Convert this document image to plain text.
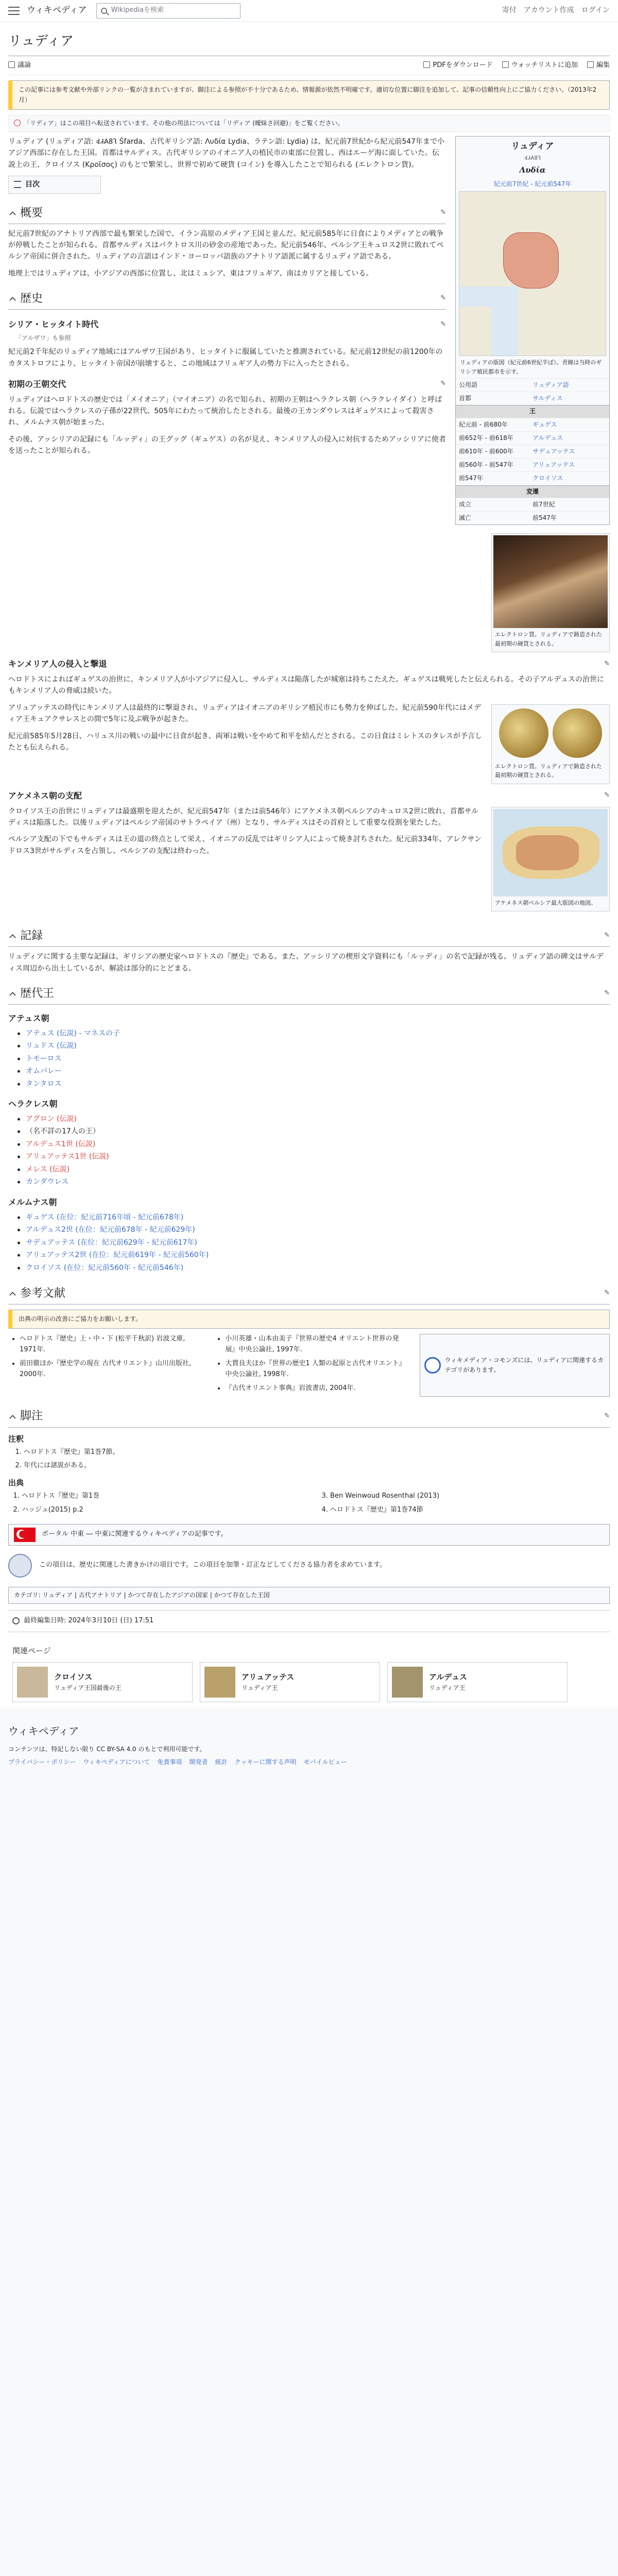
ウィキペディア	Wikipediaを検索	寄付 アカウント作成 ログイン
リュディア
議論	PDFをダウンロード	ウォッチリストに追加	編集
この記事には参考文献や外部リンクの一覧が含まれていますが、脚注による参照が不十分であるため、情報源が依然不明確です。適切な位置に脚注を追加して、記事の信頼性向上にご協力ください。（2013年2月）
「リディア」はこの項目へ転送されています。その他の用法については「リディア (曖昧さ回避)」をご覧ください。
リュディア
𐤮𐤱𐤠𐤣𐤤
Λυδία
紀元前7世紀 - 紀元前547年
リュディアの版図（紀元前6世紀半ば）。青線は当時のギリシア植民都市を示す。
公用語	リュディア語
首都	サルディス
王
紀元前 - 前680年	ギュゲス
前652年 - 前618年	アルデュス
前610年 - 前600年	サデュアッテス
前560年 - 前547年	アリュアッテス
前547年	クロイソス
変遷
成立	前7世紀
滅亡	前547年

リュディア (リュディア語: 𐤮𐤱𐤠𐤣𐤤 Śfarda、古代ギリシア語: Λυδία Lydia、ラテン語: Lydia) は、紀元前7世紀から紀元前547年まで小アジア西部に存在した王国。首都はサルディス。古代ギリシアのイオニア人の植民市の東部に位置し、西はエーゲ海に面していた。伝説上の王、クロイソス (Κροῖσος) のもとで繁栄し、世界で初めて硬貨 (コイン) を導入したことで知られる (エレクトロン貨)。

目次
概要
✎

紀元前7世紀のアナトリア西部で最も繁栄した国で、イラン高原のメディア王国と並んだ。紀元前585年に日食によりメディアとの戦争が停戦したことが知られる。首都サルディスはパクトロス川の砂金の産地であった。紀元前546年、ペルシア王キュロス2世に敗れてペルシア帝国に併合された。リュディアの言語はインド・ヨーロッパ語族のアナトリア語派に属するリュディア語である。

地理上ではリュディアは、小アジアの西部に位置し、北はミュシア、東はフリュギア、南はカリアと接している。

歴史
✎
シリア・ヒッタイト時代
✎
「アルザワ」も参照

紀元前2千年紀のリュディア地域にはアルザワ王国があり、ヒッタイトに服属していたと推測されている。紀元前12世紀の前1200年のカタストロフにより、ヒッタイト帝国が崩壊すると、この地域はフリュギア人の勢力下に入ったとされる。

初期の王朝交代
✎
エレクトロン貨。リュディアで鋳造された最初期の硬貨とされる。

リュディアはヘロドトスの歴史では「メイオニア」（マイオニア）の名で知られ、初期の王朝はヘラクレス朝（ヘラクレイダイ）と呼ばれる。伝説ではヘラクレスの子孫が22世代、505年にわたって統治したとされる。最後の王カンダウレスはギュゲスによって殺害され、メルムナス朝が始まった。

その後、アッシリアの記録にも「ルッディ」の王グッグ（ギュゲス）の名が見え、キンメリア人の侵入に対抗するためアッシリアに使者を送ったことが知られる。

キンメリア人の侵入と撃退
✎

ヘロドトスによればギュゲスの治世に、キンメリア人が小アジアに侵入し、サルディスは陥落したが城塞は持ちこたえた。ギュゲスは戦死したと伝えられる。その子アルデュスの治世にもキンメリア人の脅威は続いた。

エレクトロン貨。リュディアで鋳造された最初期の硬貨とされる。

アリュアッテスの時代にキンメリア人は最終的に撃退され、リュディアはイオニアのギリシア植民市にも勢力を伸ばした。紀元前590年代にはメディア王キュアクサレスとの間で5年に及ぶ戦争が起きた。

紀元前585年5月28日、ハリュス川の戦いの最中に日食が起き、両軍は戦いをやめて和平を結んだとされる。この日食はミレトスのタレスが予言したとも伝えられる。

アケメネス朝の支配
✎
アケメネス朝ペルシア最大版図の地図。

クロイソス王の治世にリュディアは最盛期を迎えたが、紀元前547年（または前546年）にアケメネス朝ペルシアのキュロス2世に敗れ、首都サルディスは陥落した。以後リュディアはペルシア帝国のサトラペイア（州）となり、サルディスはその首府として重要な役割を果たした。

ペルシア支配の下でもサルディスは王の道の終点として栄え、イオニアの反乱ではギリシア人によって焼き討ちされた。紀元前334年、アレクサンドロス3世がサルディスを占領し、ペルシアの支配は終わった。

記録
✎

リュディアに関する主要な記録は、ギリシアの歴史家ヘロドトスの『歴史』である。また、アッシリアの楔形文字資料にも「ルッディ」の名で記録が残る。リュディア語の碑文はサルディス周辺から出土しているが、解読は部分的にとどまる。

歴代王
✎
アテュス朝
アテュス (伝説) - マネスの子
リュドス (伝説)
トモーロス
オムパレー
タンタロス
ヘラクレス朝
アグロン (伝説)
（名不詳の17人の王）
アルデュス1世 (伝説)
アリュアッテス1世 (伝説)
メレス (伝説)
カンダウレス
メルムナス朝
ギュゲス (在位：紀元前716年頃 - 紀元前678年)
アルデュス2世 (在位：紀元前678年 - 紀元前629年)
サデュアッテス (在位：紀元前629年 - 紀元前617年)
アリュアッテス2世 (在位：紀元前619年 - 紀元前560年)
クロイソス (在位：紀元前560年 - 紀元前546年)
参考文献
✎
出典の明示の改善にご協力をお願いします。
• ヘロドトス『歴史』上・中・下 (松平千秋訳) 岩波文庫, 1971年.
• 前田徹ほか『歴史学の現在 古代オリエント』山川出版社, 2000年.
• 小川英雄・山本由美子『世界の歴史4 オリエント世界の発展』中央公論社, 1997年.
• 大貫良夫ほか『世界の歴史1 人類の起原と古代オリエント』中央公論社, 1998年.
• 『古代オリエント事典』岩波書店, 2004年.
ウィキメディア・コモンズには、リュディアに関連するカテゴリがあります。
脚注
✎
注釈
1. ヘロドトス『歴史』第1巻7節。
2. 年代には諸説がある。
出典
1. ヘロドトス『歴史』第1巻
2. ハッジュ(2015) p.2
3. Ben Weinwoud Rosenthal (2013)
4. ヘロドトス『歴史』第1巻74節
ポータル 中東 ― 中東に関連するウィキペディアの記事です。
この項目は、歴史に関連した書きかけの項目です。この項目を加筆・訂正などしてくださる協力者を求めています。
カテゴリ: リュディア | 古代アナトリア | かつて存在したアジアの国家 | かつて存在した王国
最終編集日時: 2024年3月10日 (日) 17:51
関連ページ
クロイソス
リュディア王国最後の王
アリュアッテス
リュディア王
アルデュス
リュディア王
ウィキペディア
コンテンツは、特記しない限り CC BY-SA 4.0 のもとで利用可能です。
プライバシー・ポリシー ウィキペディアについて 免責事項 開発者 統計 クッキーに関する声明 モバイルビュー
